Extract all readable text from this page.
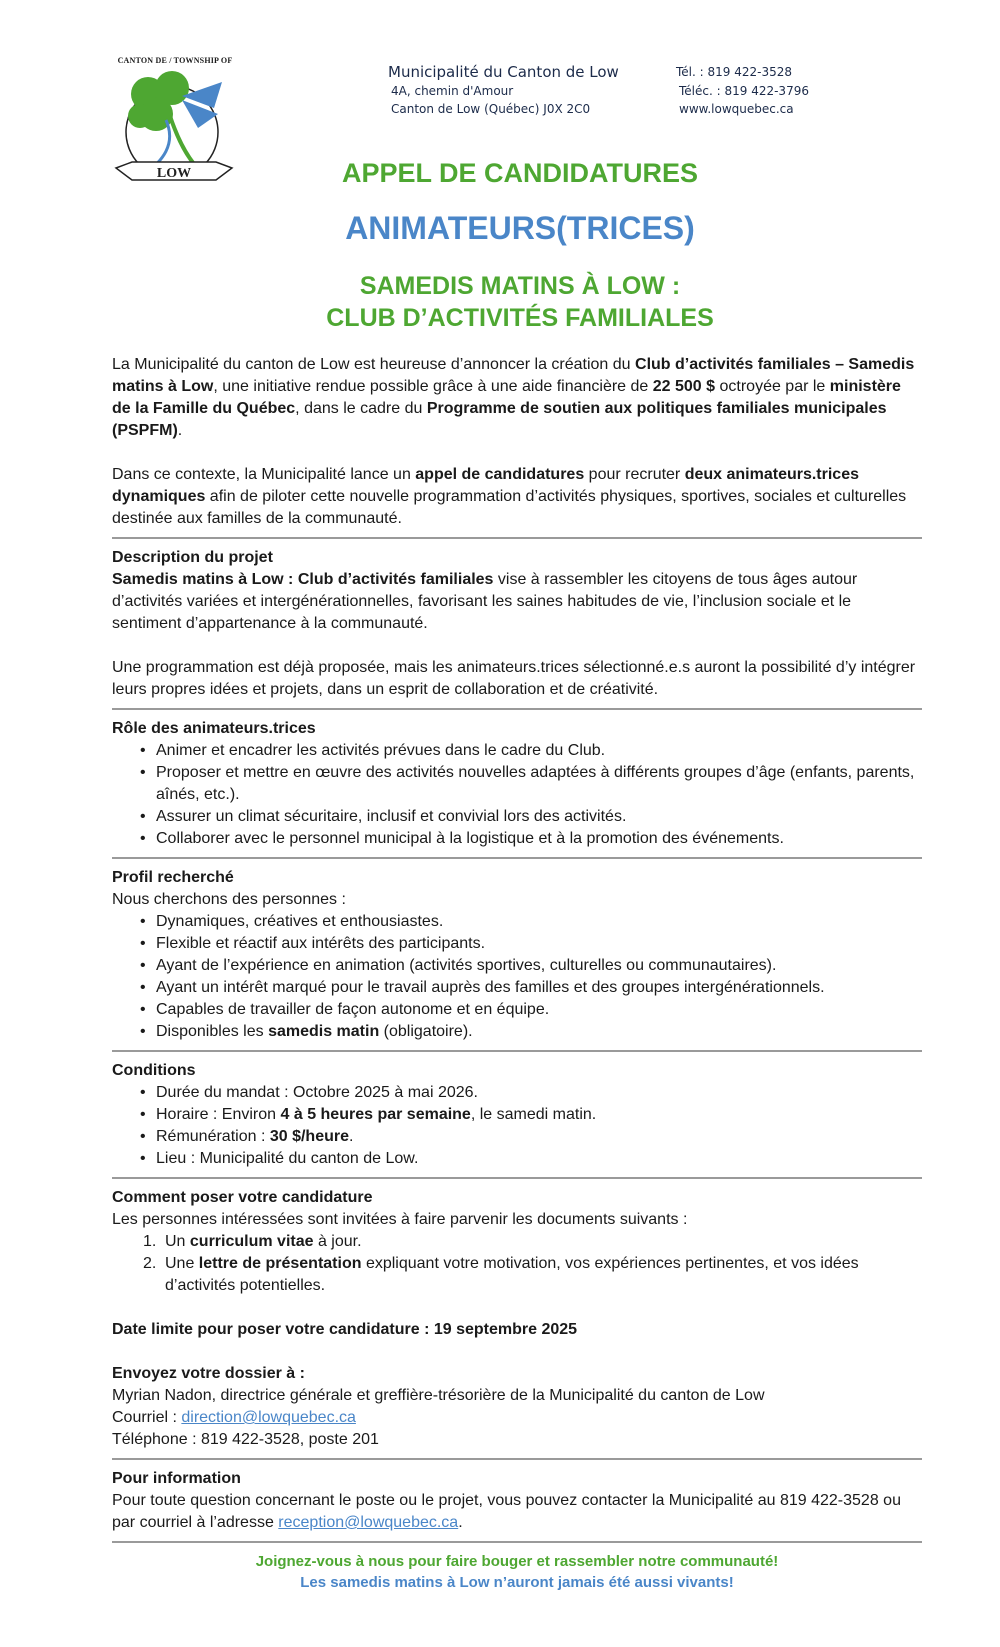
CANTON DE / TOWNSHIP OF
LOW
Municipalité du Canton de Low
4A, chemin d'Amour
Canton de Low (Québec) J0X 2C0
Tél. : 819 422-3528
Téléc. : 819 422-3796
www.lowquebec.ca
APPEL DE CANDIDATURES
ANIMATEURS(TRICES)
SAMEDIS MATINS À LOW :
CLUB D’ACTIVITÉS FAMILIALES

La Municipalité du canton de Low est heureuse d’annoncer la création du Club d’activités familiales – Samedis matins à Low, une initiative rendue possible grâce à une aide financière de 22 500 $ octroyée par le ministère de la Famille du Québec, dans le cadre du Programme de soutien aux politiques familiales municipales (PSPFM).

Dans ce contexte, la Municipalité lance un appel de candidatures pour recruter deux animateurs.trices dynamiques afin de piloter cette nouvelle programmation d’activités physiques, sportives, sociales et culturelles destinée aux familles de la communauté.

Description du projet

Samedis matins à Low : Club d’activités familiales vise à rassembler les citoyens de tous âges autour d’activités variées et intergénérationnelles, favorisant les saines habitudes de vie, l’inclusion sociale et le sentiment d’appartenance à la communauté.

Une programmation est déjà proposée, mais les animateurs.trices sélectionné.e.s auront la possibilité d’y intégrer leurs propres idées et projets, dans un esprit de collaboration et de créativité.

Rôle des animateurs.trices
• Animer et encadrer les activités prévues dans le cadre du Club.
• Proposer et mettre en œuvre des activités nouvelles adaptées à différents groupes d’âge (enfants, parents, aînés, etc.).
• Assurer un climat sécuritaire, inclusif et convivial lors des activités.
• Collaborer avec le personnel municipal à la logistique et à la promotion des événements.
Profil recherché

Nous cherchons des personnes :

• Dynamiques, créatives et enthousiastes.
• Flexible et réactif aux intérêts des participants.
• Ayant de l’expérience en animation (activités sportives, culturelles ou communautaires).
• Ayant un intérêt marqué pour le travail auprès des familles et des groupes intergénérationnels.
• Capables de travailler de façon autonome et en équipe.
• Disponibles les samedis matin (obligatoire).
Conditions
• Durée du mandat : Octobre 2025 à mai 2026.
• Horaire : Environ 4 à 5 heures par semaine, le samedi matin.
• Rémunération : 30 $/heure.
• Lieu : Municipalité du canton de Low.
Comment poser votre candidature

Les personnes intéressées sont invitées à faire parvenir les documents suivants :

1. Un curriculum vitae à jour.
2. Une lettre de présentation expliquant votre motivation, vos expériences pertinentes, et vos idées d’activités potentielles.

Date limite pour poser votre candidature : 19 septembre 2025

Envoyez votre dossier à :

Myrian Nadon, directrice générale et greffière-trésorière de la Municipalité du canton de Low

Courriel : direction@lowquebec.ca

Téléphone : 819 422-3528, poste 201

Pour information

Pour toute question concernant le poste ou le projet, vous pouvez contacter la Municipalité au 819 422-3528 ou par courriel à l’adresse reception@lowquebec.ca.

Joignez-vous à nous pour faire bouger et rassembler notre communauté!
Les samedis matins à Low n’auront jamais été aussi vivants!
